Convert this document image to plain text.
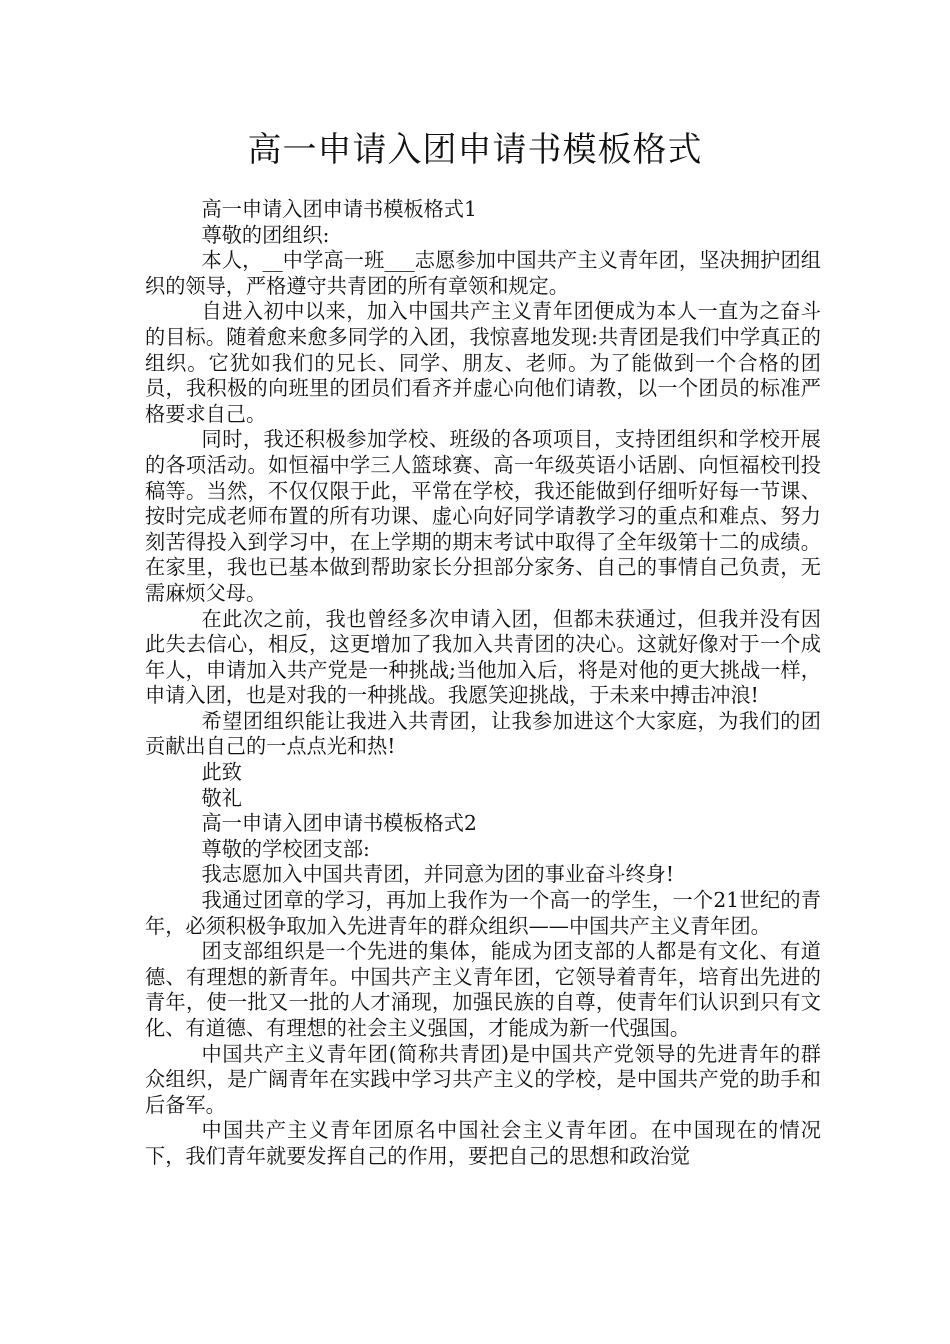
高一申请入团申请书模板格式

高一申请入团申请书模板格式1

尊敬的团组织:

本人，__中学高一班___志愿参加中国共产主义青年团，坚决拥护团组织的领导，严格遵守共青团的所有章领和规定。

自进入初中以来，加入中国共产主义青年团便成为本人一直为之奋斗的目标。随着愈来愈多同学的入团，我惊喜地发现:共青团是我们中学真正的组织。它犹如我们的兄长、同学、朋友、老师。为了能做到一个合格的团员，我积极的向班里的团员们看齐并虚心向他们请教，以一个团员的标准严格要求自己。

同时，我还积极参加学校、班级的各项项目，支持团组织和学校开展的各项活动。如恒福中学三人篮球赛、高一年级英语小话剧、向恒福校刊投稿等。当然，不仅仅限于此，平常在学校，我还能做到仔细听好每一节课、按时完成老师布置的所有功课、虚心向好同学请教学习的重点和难点、努力刻苦得投入到学习中，在上学期的期末考试中取得了全年级第十二的成绩。在家里，我也已基本做到帮助家长分担部分家务、自己的事情自己负责，无需麻烦父母。

在此次之前，我也曾经多次申请入团，但都未获通过，但我并没有因此失去信心，相反，这更增加了我加入共青团的决心。这就好像对于一个成年人，申请加入共产党是一种挑战;当他加入后，将是对他的更大挑战一样，申请入团，也是对我的一种挑战。我愿笑迎挑战，于未来中搏击冲浪!

希望团组织能让我进入共青团，让我参加进这个大家庭，为我们的团贡献出自己的一点点光和热!

此致

敬礼

高一申请入团申请书模板格式2

尊敬的学校团支部:

我志愿加入中国共青团，并同意为团的事业奋斗终身!

我通过团章的学习，再加上我作为一个高一的学生，一个21世纪的青年，必须积极争取加入先进青年的群众组织——中国共产主义青年团。

团支部组织是一个先进的集体，能成为团支部的人都是有文化、有道德、有理想的新青年。中国共产主义青年团，它领导着青年，培育出先进的青年，使一批又一批的人才涌现，加强民族的自尊，使青年们认识到只有文化、有道德、有理想的社会主义强国，才能成为新一代强国。

中国共产主义青年团(简称共青团)是中国共产党领导的先进青年的群众组织，是广阔青年在实践中学习共产主义的学校，是中国共产党的助手和后备军。

中国共产主义青年团原名中国社会主义青年团。在中国现在的情况下，我们青年就要发挥自己的作用，要把自己的思想和政治觉
